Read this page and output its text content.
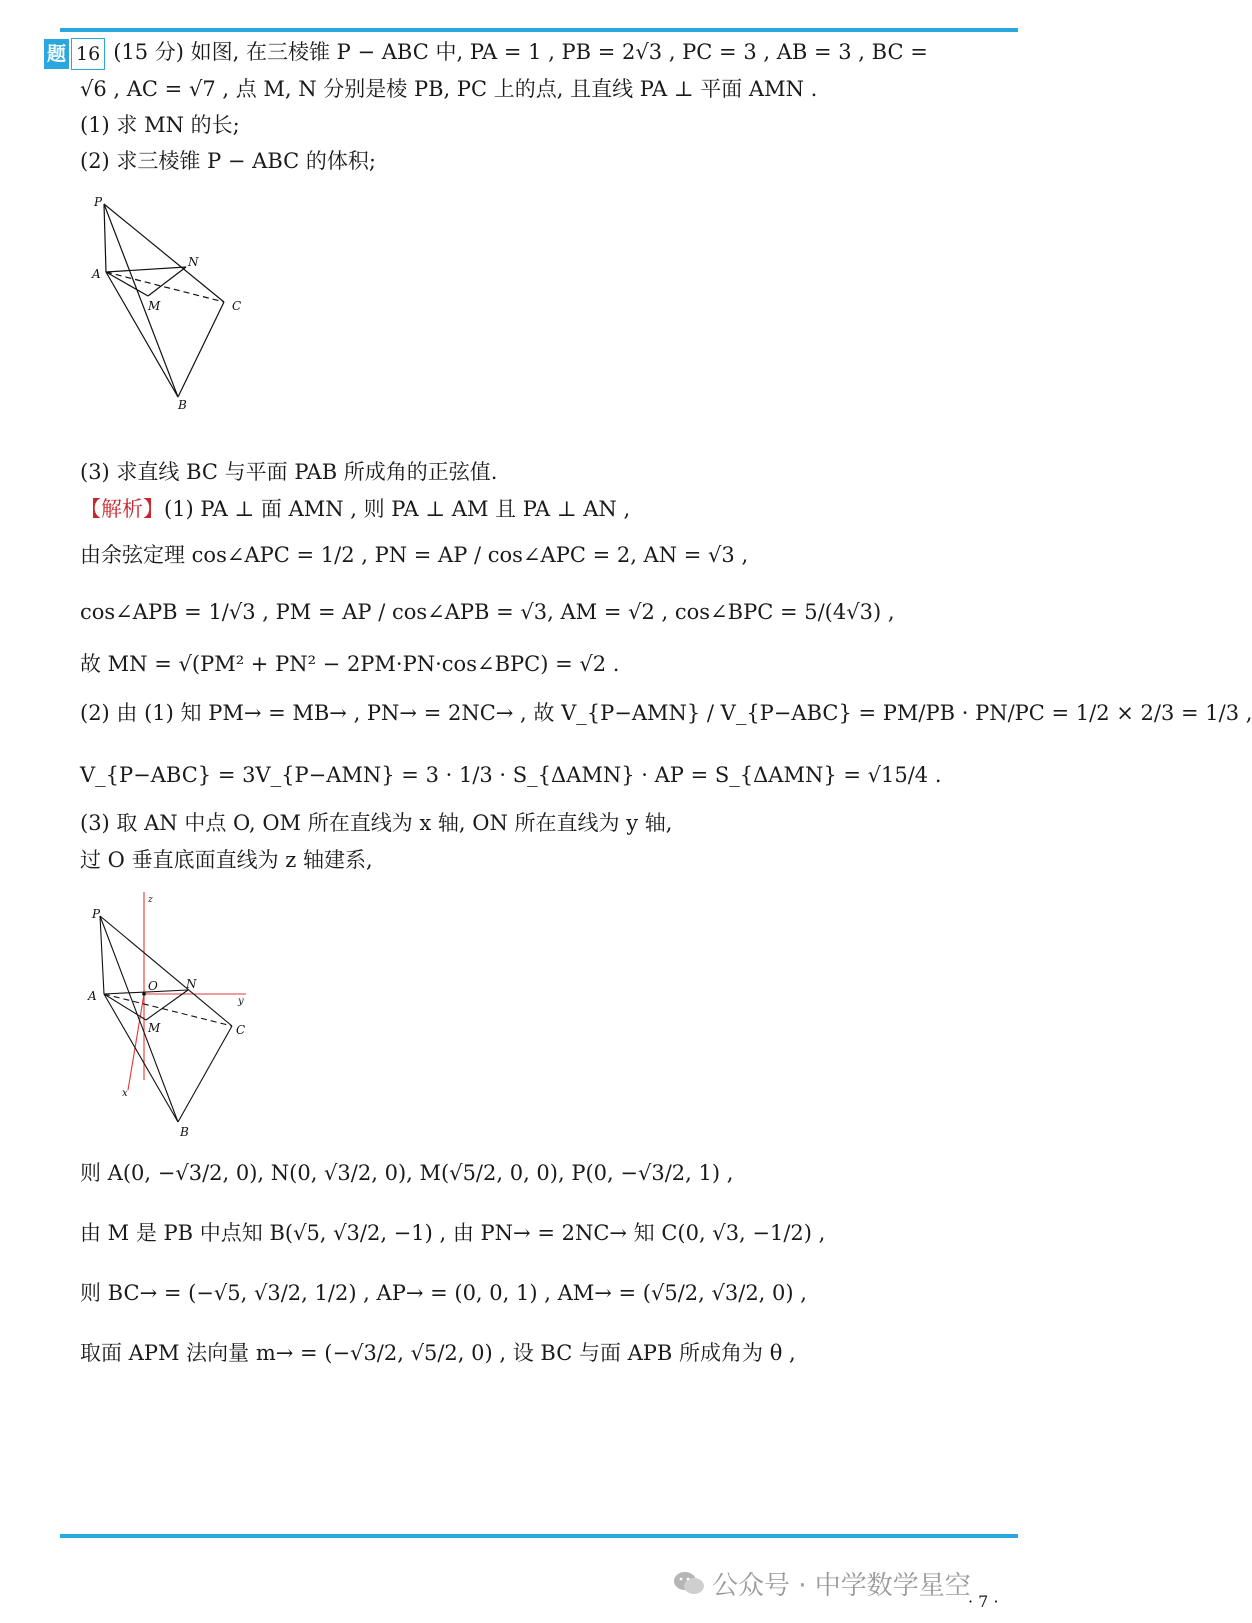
题 16 (15 分) 如图, 在三棱锥 P − ABC 中, PA = 1 , PB = 2√3 , PC = 3 , AB = 3 , BC =
√6 , AC = √7 , 点 M, N 分别是棱 PB, PC 上的点, 且直线 PA ⊥ 平面 AMN .
(1) 求 MN 的长;
(2) 求三棱锥 P − ABC 的体积;
P
N
A
M	C
B
(3) 求直线 BC 与平面 PAB 所成角的正弦值.
【解析】(1) PA ⊥ 面 AMN , 则 PA ⊥ AM 且 PA ⊥ AN ,
由余弦定理 cos∠APC = 1/2 , PN = AP / cos∠APC = 2, AN = √3 ,
cos∠APB = 1/√3 , PM = AP / cos∠APB = √3, AM = √2 , cos∠BPC = 5/(4√3) ,
故 MN = √(PM² + PN² − 2PM·PN·cos∠BPC) = √2 .
(2) 由 (1) 知 PM→ = MB→ , PN→ = 2NC→ , 故 V_{P−AMN} / V_{P−ABC} = PM/PB · PN/PC = 1/2 × 2/3 = 1/3 ,
V_{P−ABC} = 3V_{P−AMN} = 3 · 1/3 · S_{ΔAMN} · AP = S_{ΔAMN} = √15/4 .
(3) 取 AN 中点 O, OM 所在直线为 x 轴, ON 所在直线为 y 轴,
过 O 垂直底面直线为 z 轴建系,
P
z
O N
A	y
M	C
x
B
则 A(0, −√3/2, 0), N(0, √3/2, 0), M(√5/2, 0, 0), P(0, −√3/2, 1) ,
由 M 是 PB 中点知 B(√5, √3/2, −1) , 由 PN→ = 2NC→ 知 C(0, √3, −1/2) ,
则 BC→ = (−√5, √3/2, 1/2) , AP→ = (0, 0, 1) , AM→ = (√5/2, √3/2, 0) ,
取面 APM 法向量 m→ = (−√3/2, √5/2, 0) , 设 BC 与面 APB 所成角为 θ ,
公众号 · 中学数学星空
· 7 ·
